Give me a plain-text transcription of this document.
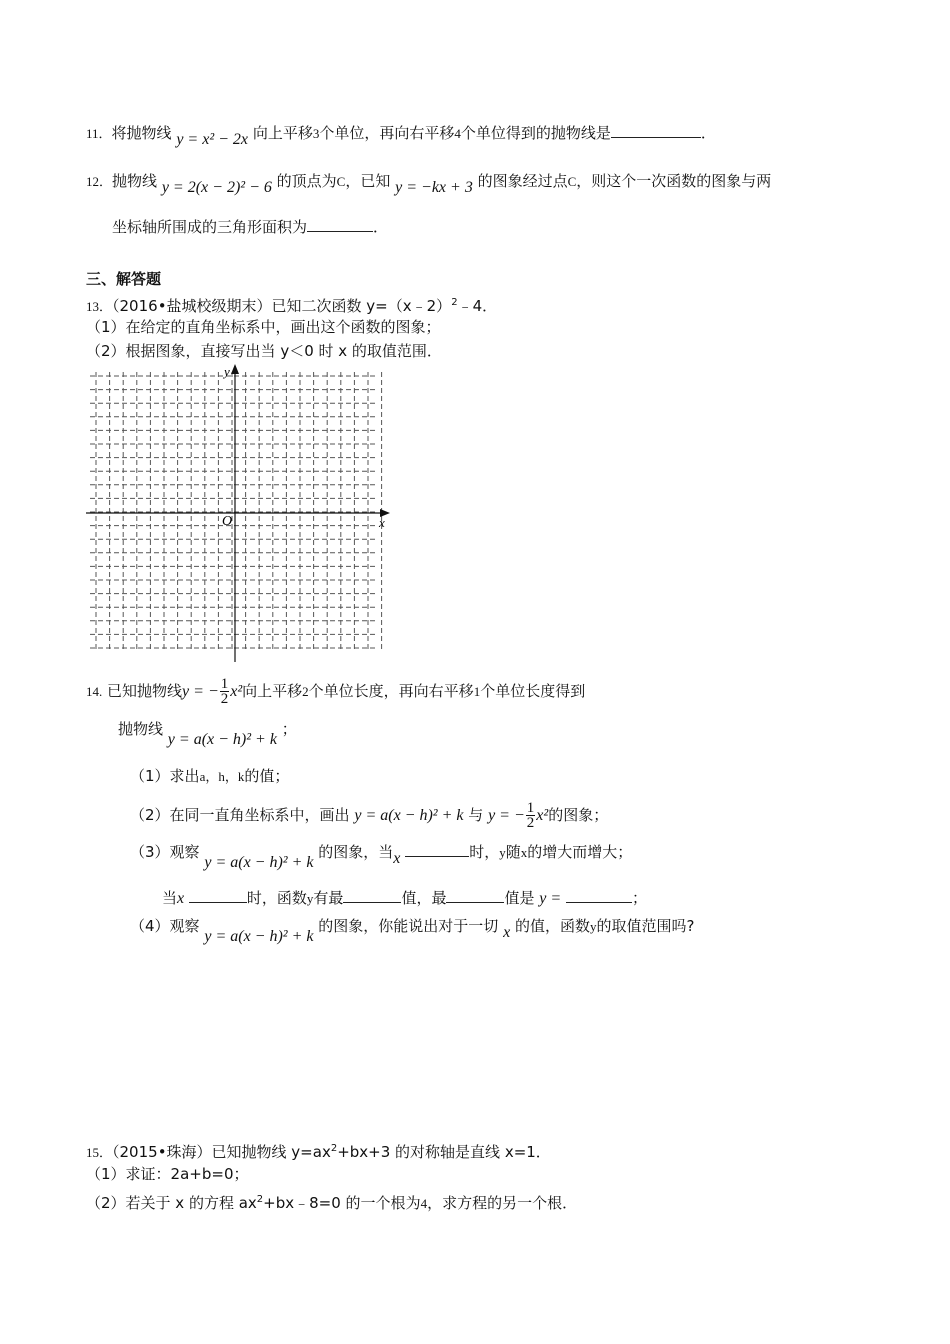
11．将抛物线 y = x² − 2x 向上平移3个单位，再向右平移4个单位得到的抛物线是	．
12．抛物线 y = 2(x − 2)² − 6 的顶点为C，已知 y = −kx + 3 的图象经过点C，则这个一次函数的图象与两
坐标轴所围成的三角形面积为	．
三、解答题
13．（2016•盐城校级期末）已知二次函数 y=（x﹣2）$^2$﹣4．
（1）在给定的直角坐标系中，画出这个函数的图象；
（2）根据图象，直接写出当 y＜0 时 x 的取值范围．
y
x
O
14. 已知抛物线y = − $\frac{1}{2} x^2$向上平移2个单位长度，再向右平移1个单位长度得到
抛物线 y = a(x − h)² + k ；
（1）求出a，h，k的值；
（2）在同一直角坐标系中，画出 y = a(x − h)² + k 与 y = − $\frac{1}{2} x^2$的图象；
（3）观察 y = a(x − h)² + k 的图象，当x	时，y随x的增大而增大；
当x	时，函数y有最	值，最	值是 y =	；
（4）观察 y = a(x − h)² + k 的图象，你能说出对于一切 x 的值，函数y的取值范围吗?
15．（2015•珠海）已知抛物线 $y=ax^2+bx+3$ 的对称轴是直线 x=1．
（1）求证：2a+b=0；
（2）若关于 x 的方程 $ax^2+bx﹣8=0$ 的一个根为4，求方程的另一个根．
